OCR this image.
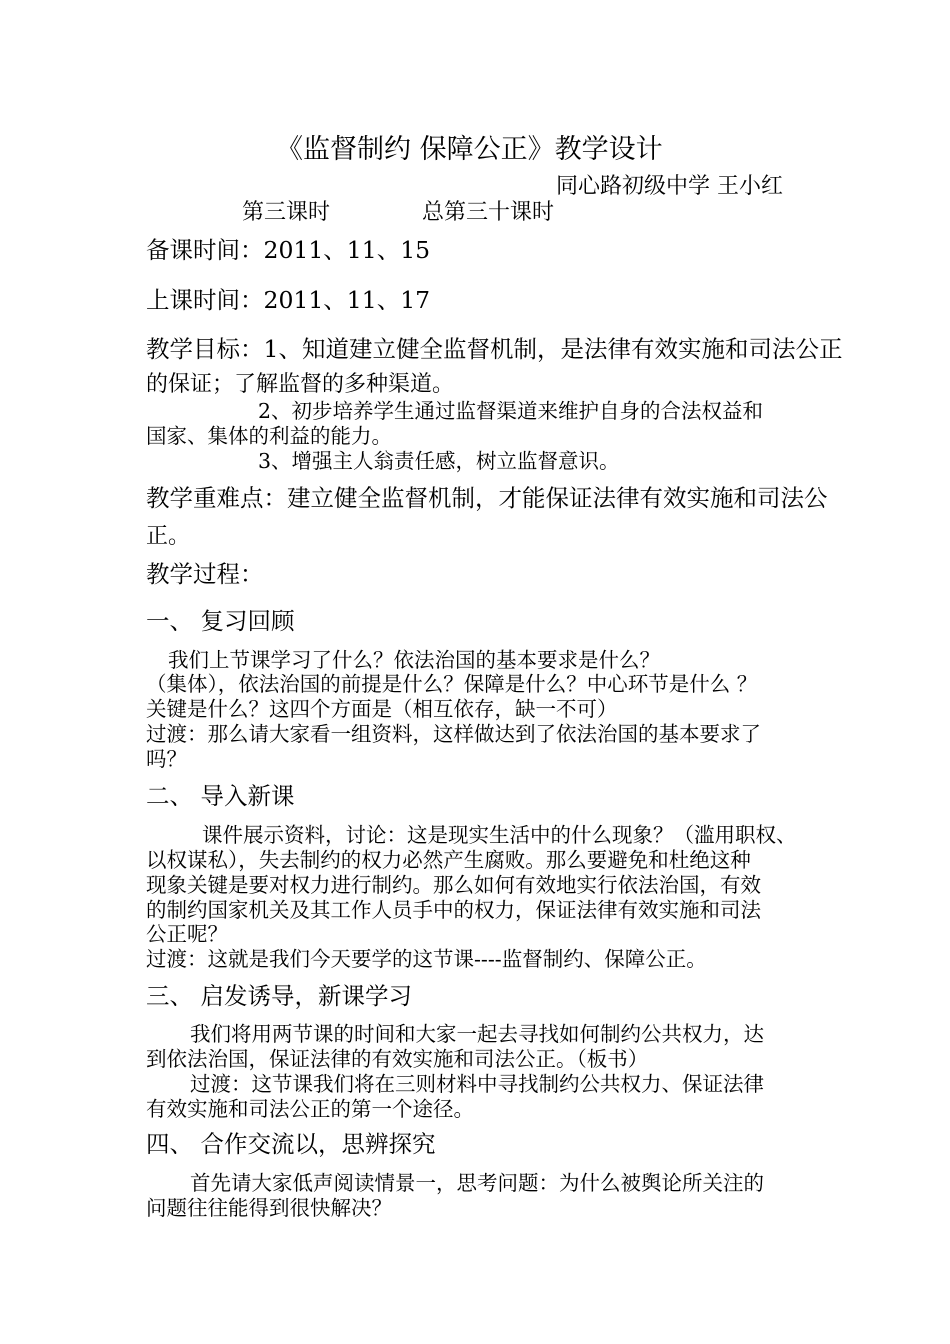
《监督制约 保障公正》教学设计
同心路初级中学 王小红
第三课时	总第三十课时
备课时间：2011、11、15
上课时间：2011、11、17
教学目标：1、知道建立健全监督机制，是法律有效实施和司法公正
的保证；了解监督的多种渠道。
2、初步培养学生通过监督渠道来维护自身的合法权益和
国家、集体的利益的能力。
3、增强主人翁责任感，树立监督意识。
教学重难点：建立健全监督机制，才能保证法律有效实施和司法公
正。
教学过程：
一、 复习回顾
我们上节课学习了什么？依法治国的基本要求是什么？
（集体），依法治国的前提是什么？保障是什么？中心环节是什么 ？
关键是什么？这四个方面是（相互依存，缺一不可）
过渡：那么请大家看一组资料，这样做达到了依法治国的基本要求了
吗？
二、 导入新课
课件展示资料，讨论：这是现实生活中的什么现象？（滥用职权、
以权谋私），失去制约的权力必然产生腐败。那么要避免和杜绝这种
现象关键是要对权力进行制约。那么如何有效地实行依法治国，有效
的制约国家机关及其工作人员手中的权力，保证法律有效实施和司法
公正呢？
过渡：这就是我们今天要学的这节课----监督制约、保障公正。
三、 启发诱导，新课学习
我们将用两节课的时间和大家一起去寻找如何制约公共权力，达
到依法治国，保证法律的有效实施和司法公正。（板书）
过渡：这节课我们将在三则材料中寻找制约公共权力、保证法律
有效实施和司法公正的第一个途径。
四、 合作交流以，思辨探究
首先请大家低声阅读情景一，思考问题：为什么被舆论所关注的
问题往往能得到很快解决？
